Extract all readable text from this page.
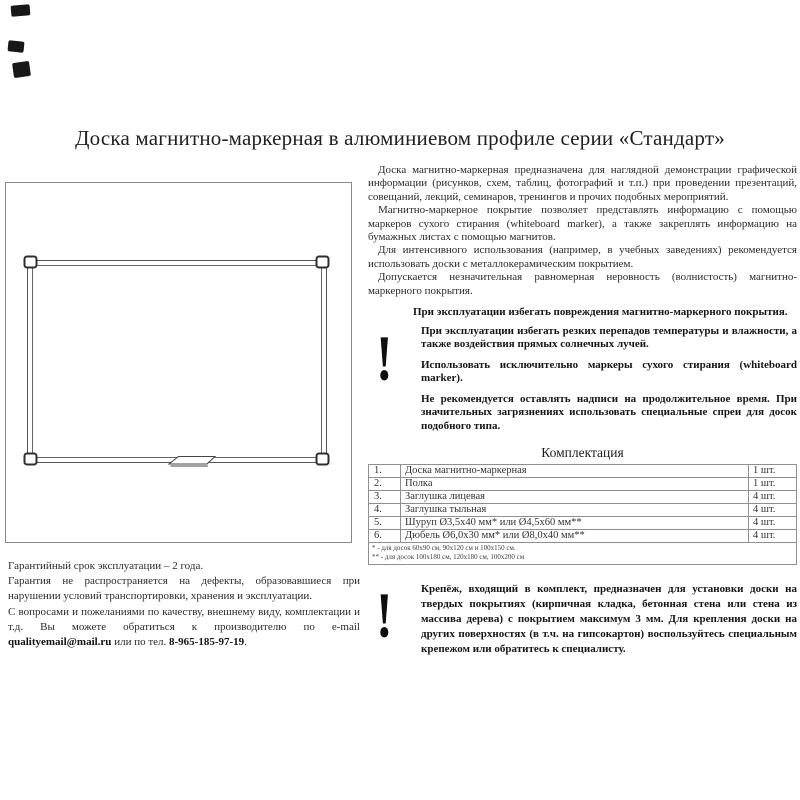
Доска магнитно-маркерная в алюминиевом профиле серии «Стандарт»

Доска магнитно-маркерная предназначена для наглядной демонстрации графической информации (рисунков, схем, таблиц, фотографий и т.п.) при проведении презентаций, совещаний, лекций, семинаров, тренингов и прочих подобных мероприятий.

Магнитно-маркерное покрытие позволяет представлять информацию с помощью маркеров сухого стирания (whiteboard marker), а также закреплять информацию на бумажных листах с помощью магнитов.

Для интенсивного использования (например, в учебных заведениях) рекомендуется использовать доски с металлокерамическим покрытием.

Допускается незначительная равномерная неровность (волнистость) магнитно-маркерного покрытия.

При эксплуатации избегать повреждения магнитно-маркерного покрытия.
!	При эксплуатации избегать резких перепадов температуры и влажности, а также воздействия прямых солнечных лучей.

Использовать исключительно маркеры сухого стирания (whiteboard marker).

Не рекомендуется оставлять надписи на продолжительное время. При значительных загрязнениях использовать специальные спреи для досок подобного типа.

Комплектация
1.	Доска магнитно-маркерная	1 шт.
2.	Полка	1 шт.
3.	Заглушка лицевая	4 шт.
4.	Заглушка тыльная	4 шт.
5.	Шуруп Ø3,5х40 мм* или Ø4,5х60 мм**	4 шт.
6.	Дюбель Ø6,0х30 мм* или Ø8,0х40 мм**	4 шт.

* - для досок 60х90 см, 90х120 см и 100х150 см.
** - для досок 100х180 см, 120х180 см, 100х200 см		
!	Крепёж, входящий в комплект, предназначен для установки доски на твердых покрытиях (кирпичная кладка, бетонная стена или стена из массива дерева) с покрытием максимум 3 мм. Для крепления доски на других поверхностях (в т.ч. на гипсокартон) воспользуйтесь специальным крепежом или обратитесь к специалисту.

Гарантийный срок эксплуатации – 2 года.

Гарантия не распространяется на дефекты, образовавшиеся при нарушении условий транспортировки, хранения и эксплуатации.

С вопросами и пожеланиями по качеству, внешнему виду, комплектации и т.д. Вы можете обратиться к производителю по e-mail qualityemail@mail.ru или по тел. 8-965-185-97-19.
